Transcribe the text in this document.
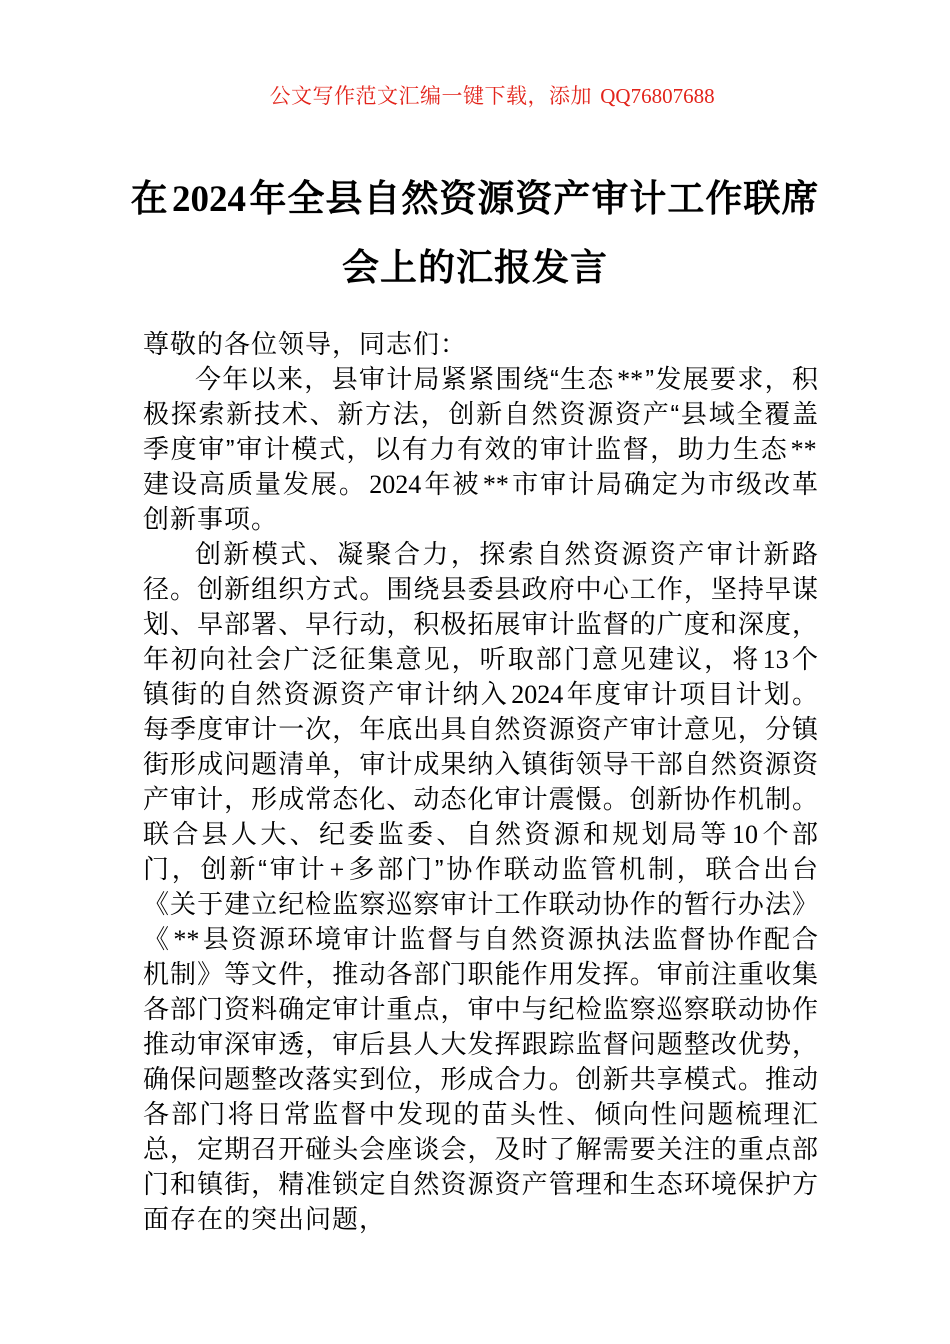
公文写作范文汇编一键下载，添加 QQ76807688
在2024年全县自然资源资产审计工作联席会上的汇报发言

尊敬的各位领导，同志们：

今年以来，县审计局紧紧围绕“生态**”发展要求，积极探索新技术、新方法，创新自然资源资产“县域全覆盖季度审”审计模式，以有力有效的审计监督，助力生态**建设高质量发展。2024年被**市审计局确定为市级改革创新事项。

创新模式、凝聚合力，探索自然资源资产审计新路径。创新组织方式。围绕县委县政府中心工作，坚持早谋划、早部署、早行动，积极拓展审计监督的广度和深度，年初向社会广泛征集意见，听取部门意见建议，将13个镇街的自然资源资产审计纳入2024年度审计项目计划。每季度审计一次，年底出具自然资源资产审计意见，分镇街形成问题清单，审计成果纳入镇街领导干部自然资源资产审计，形成常态化、动态化审计震慑。创新协作机制。联合县人大、纪委监委、自然资源和规划局等10个部门，创新“审计+多部门”协作联动监管机制，联合出台《关于建立纪检监察巡察审计工作联动协作的暂行办法》《**县资源环境审计监督与自然资源执法监督协作配合机制》等文件，推动各部门职能作用发挥。审前注重收集各部门资料确定审计重点，审中与纪检监察巡察联动协作推动审深审透，审后县人大发挥跟踪监督问题整改优势，确保问题整改落实到位，形成合力。创新共享模式。推动各部门将日常监督中发现的苗头性、倾向性问题梳理汇总，定期召开碰头会座谈会，及时了解需要关注的重点部门和镇街，精准锁定自然资源资产管理和生态环境保护方面存在的突出问题，
